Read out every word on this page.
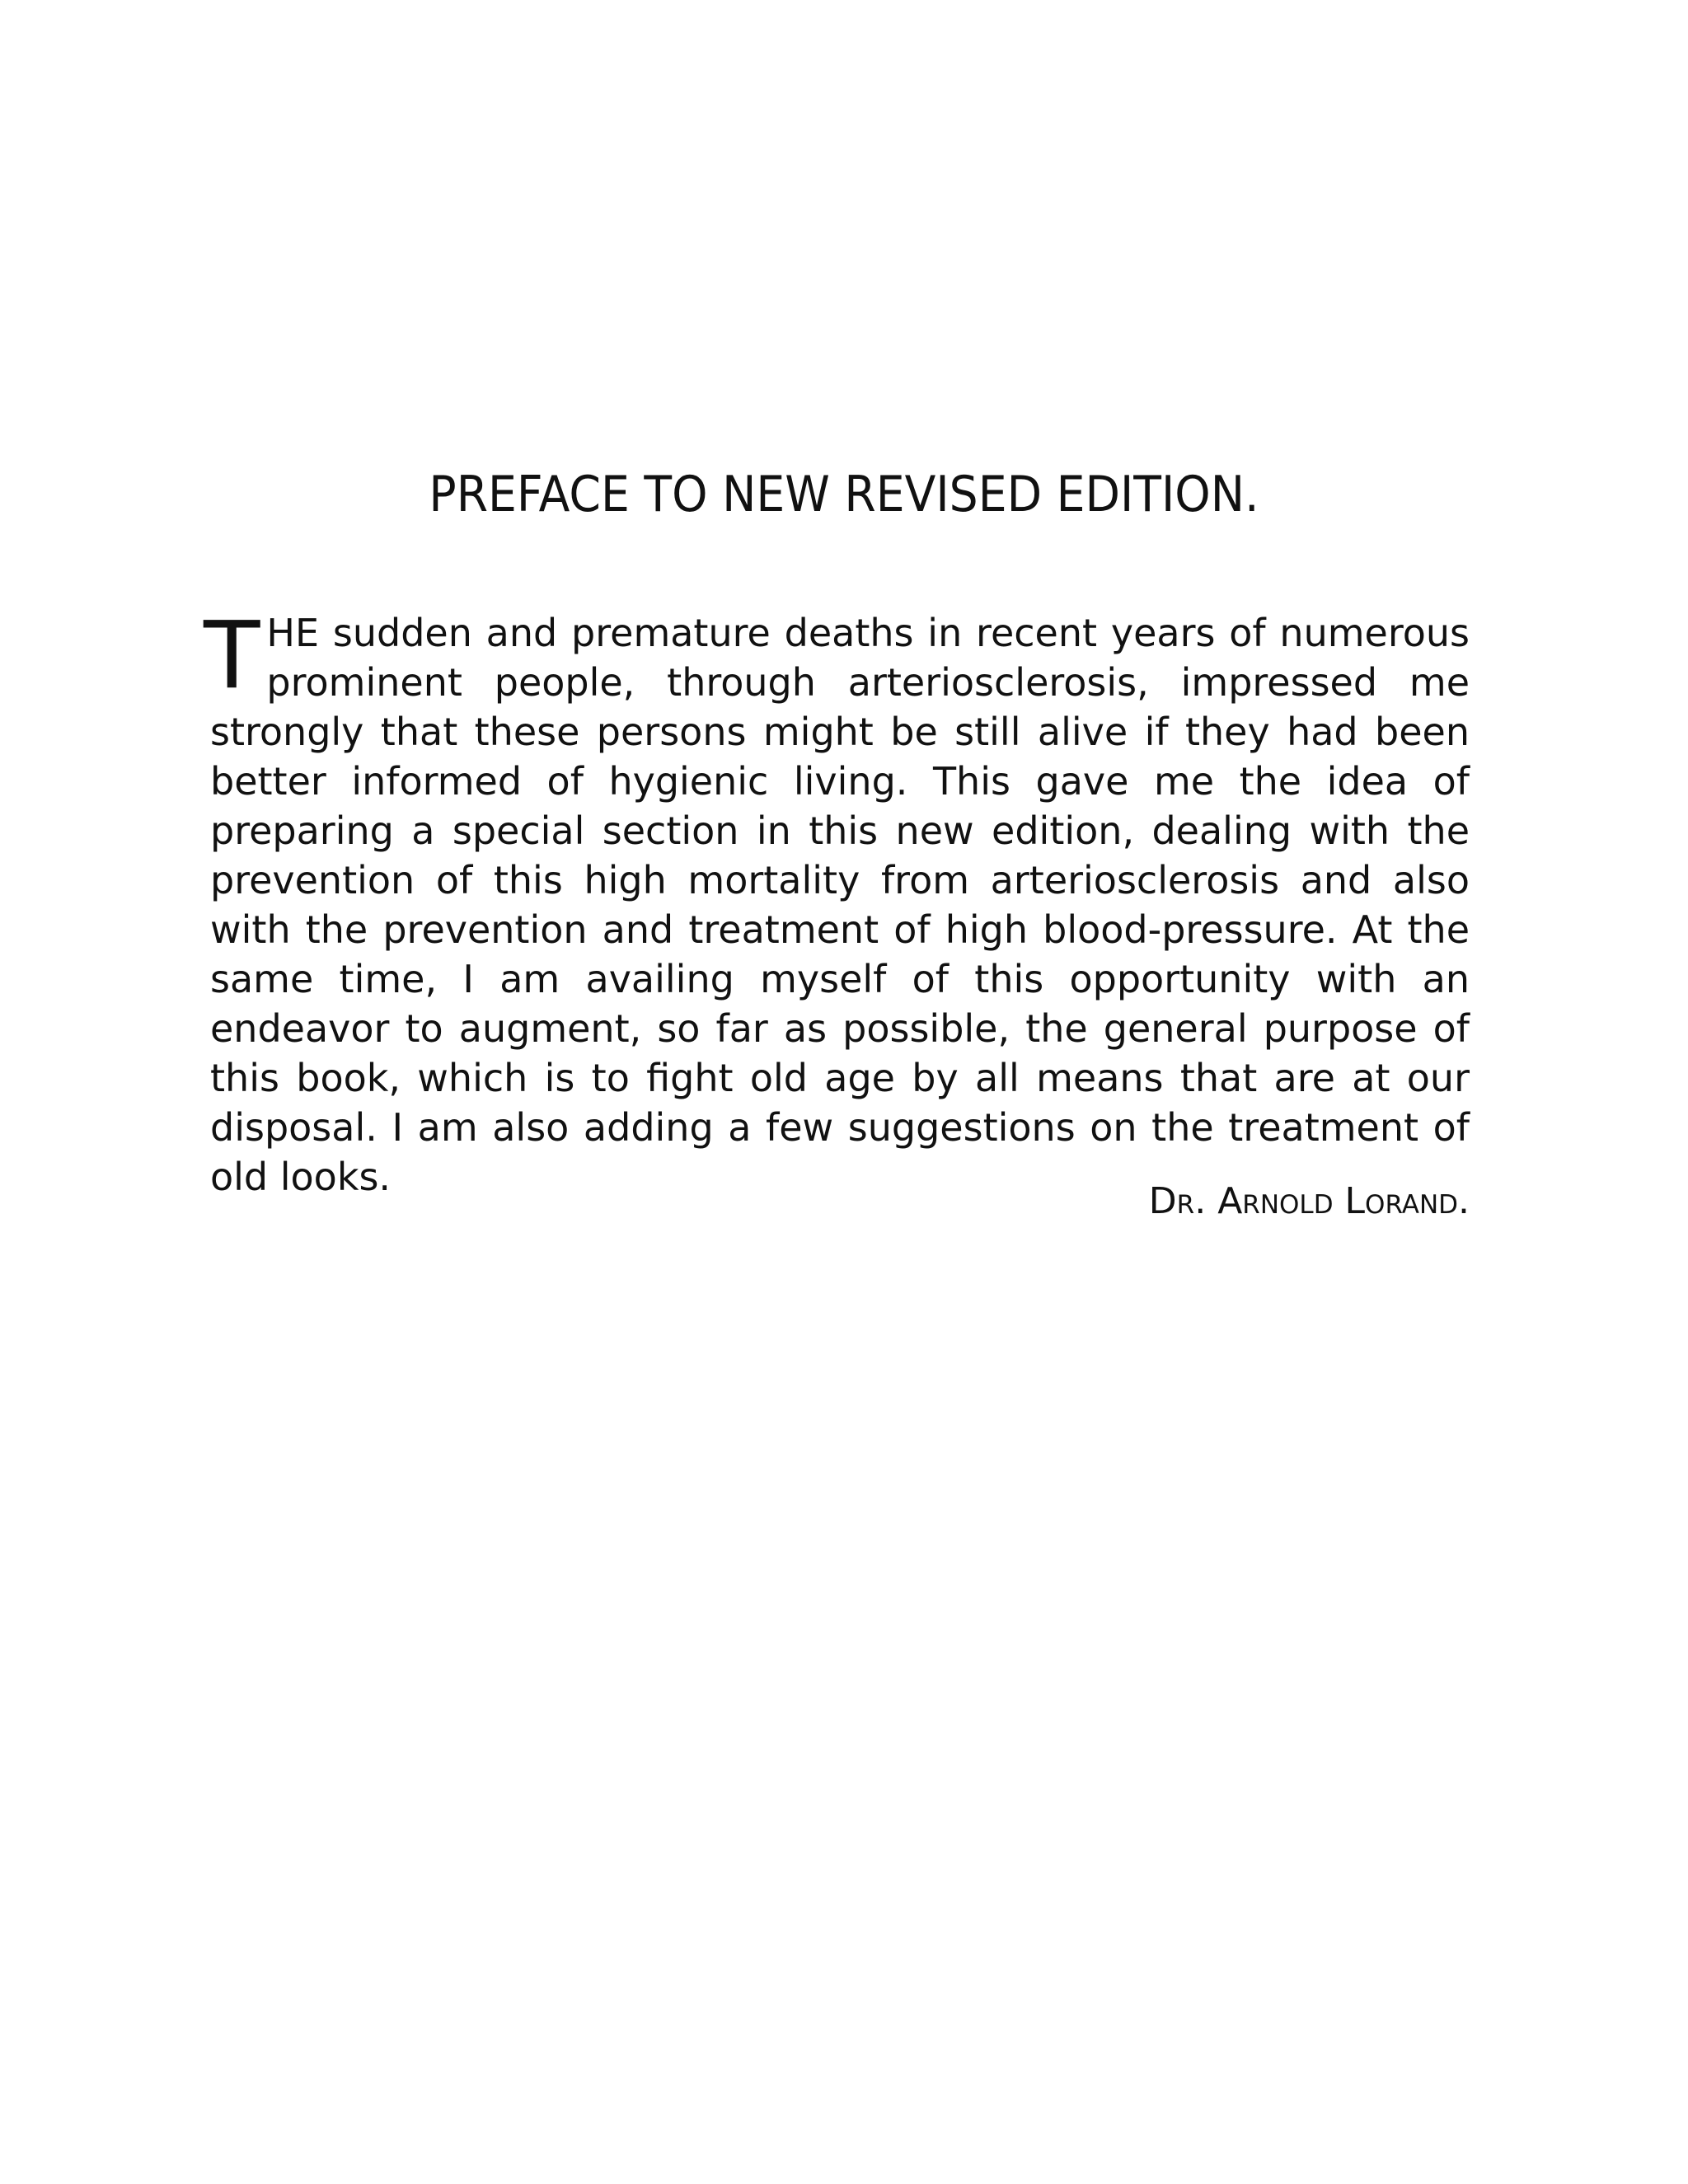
PREFACE TO NEW REVISED EDITION.

THE sudden and premature deaths in recent years of numerous prominent people, through arteriosclerosis, impressed me strongly that these persons might be still alive if they had been better informed of hygienic living. This gave me the idea of preparing a special section in this new edition, dealing with the prevention of this high mortality from arteriosclerosis and also with the prevention and treatment of high blood-pressure. At the same time, I am availing myself of this opportunity with an endeavor to augment, so far as possible, the general purpose of this book, which is to fight old age by all means that are at our disposal. I am also adding a few suggestions on the treatment of old looks.

Dr. Arnold Lorand.
